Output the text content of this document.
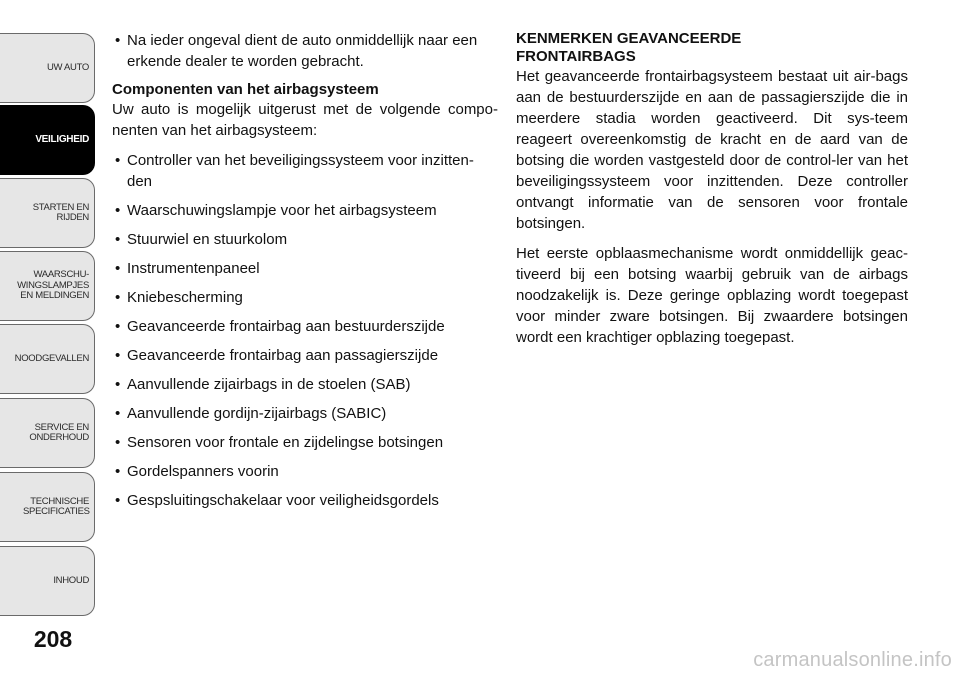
UW AUTO
VEILIGHEID
STARTEN EN RIJDEN
WAARSCHU-WINGSLAMPJES EN MELDINGEN
NOODGEVALLEN
SERVICE EN ONDERHOUD
TECHNISCHE SPECIFICATIES
INHOUD
208
• Na ieder ongeval dient de auto onmiddellijk naar een erkende dealer te worden gebracht.
Componenten van het airbagsysteem

Uw auto is mogelijk uitgerust met de volgende compo-nenten van het airbagsysteem:

• Controller van het beveiligingssysteem voor inzitten-den
• Waarschuwingslampje voor het airbagsysteem
• Stuurwiel en stuurkolom
• Instrumentenpaneel
• Kniebescherming
• Geavanceerde frontairbag aan bestuurderszijde
• Geavanceerde frontairbag aan passagierszijde
• Aanvullende zijairbags in de stoelen (SAB)
• Aanvullende gordijn-zijairbags (SABIC)
• Sensoren voor frontale en zijdelingse botsingen
• Gordelspanners voorin
• Gespsluitingschakelaar voor veiligheidsgordels
KENMERKEN GEAVANCEERDE
FRONTAIRBAGS

Het geavanceerde frontairbagsysteem bestaat uit air-bags aan de bestuurderszijde en aan de passagierszijde die in meerdere stadia worden geactiveerd. Dit sys-teem reageert overeenkomstig de kracht en de aard van de botsing die worden vastgesteld door de control-ler van het beveiligingssysteem voor inzittenden. Deze controller ontvangt informatie van de sensoren voor frontale botsingen.

Het eerste opblaasmechanisme wordt onmiddellijk geac-tiveerd bij een botsing waarbij gebruik van de airbags noodzakelijk is. Deze geringe opblazing wordt toegepast voor minder zware botsingen. Bij zwaardere botsingen wordt een krachtiger opblazing toegepast.

carmanualsonline.info
